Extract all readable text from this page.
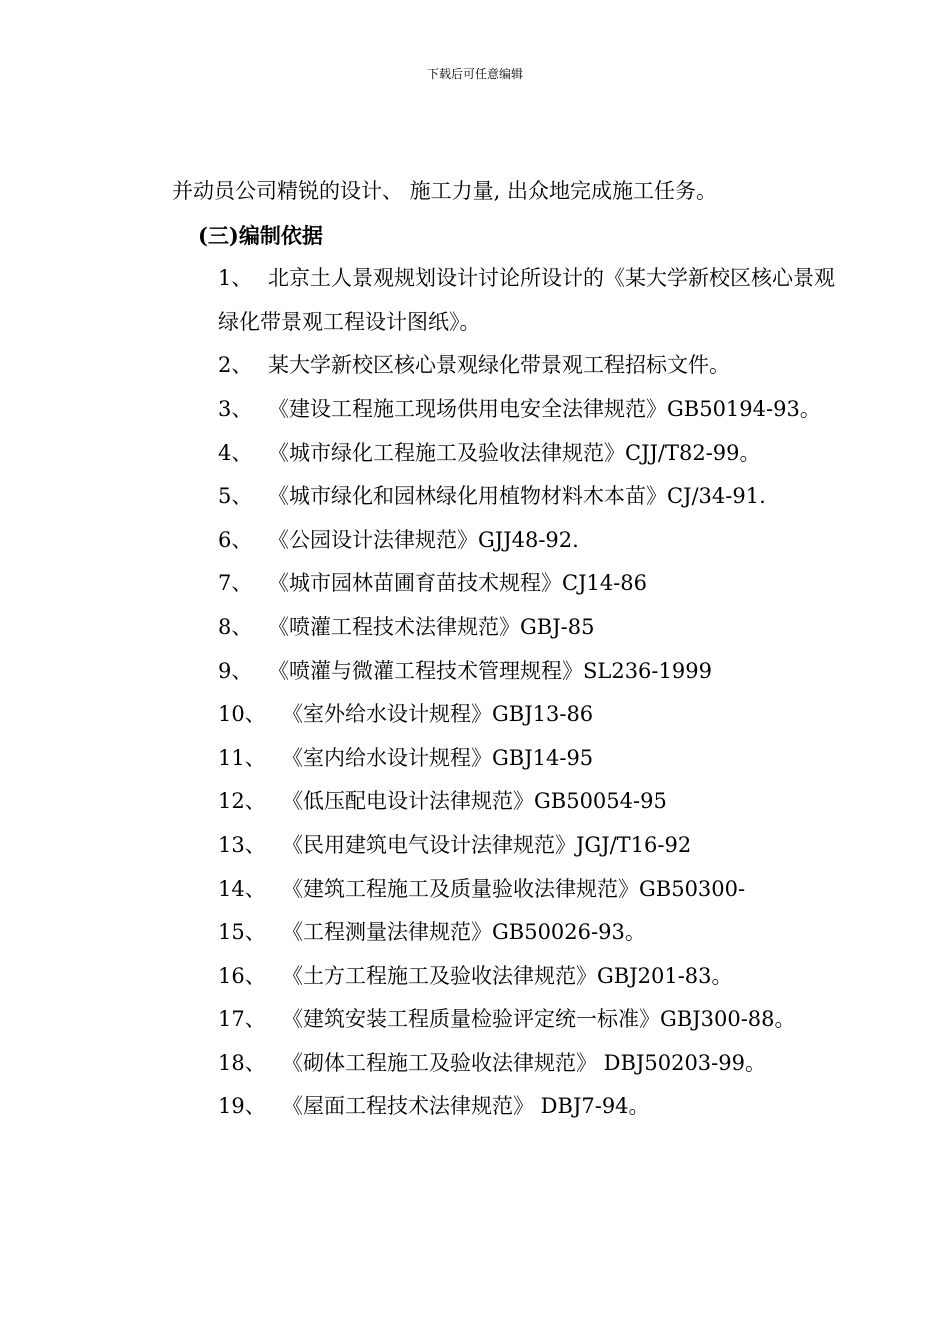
下载后可任意编辑

并动员公司精锐的设计、 施工力量, 出众地完成施工任务。

(三)编制依据

1、 北京土人景观规划设计讨论所设计的《某大学新校区核心景观绿化带景观工程设计图纸》。

2、 某大学新校区核心景观绿化带景观工程招标文件。

3、 《建设工程施工现场供用电安全法律规范》GB50194-93。

4、 《城市绿化工程施工及验收法律规范》CJJ/T82-99。

5、 《城市绿化和园林绿化用植物材料木本苗》CJ/34-91.

6、 《公园设计法律规范》GJJ48-92.

7、 《城市园林苗圃育苗技术规程》CJ14-86

8、 《喷灌工程技术法律规范》GBJ-85

9、 《喷灌与微灌工程技术管理规程》SL236-1999

10、 《室外给水设计规程》GBJ13-86

11、 《室内给水设计规程》GBJ14-95

12、 《低压配电设计法律规范》GB50054-95

13、 《民用建筑电气设计法律规范》JGJ/T16-92

14、 《建筑工程施工及质量验收法律规范》GB50300-

15、 《工程测量法律规范》GB50026-93。

16、 《土方工程施工及验收法律规范》GBJ201-83。

17、 《建筑安装工程质量检验评定统一标准》GBJ300-88。

18、 《砌体工程施工及验收法律规范》 DBJ50203-99。

19、 《屋面工程技术法律规范》 DBJ7-94。
